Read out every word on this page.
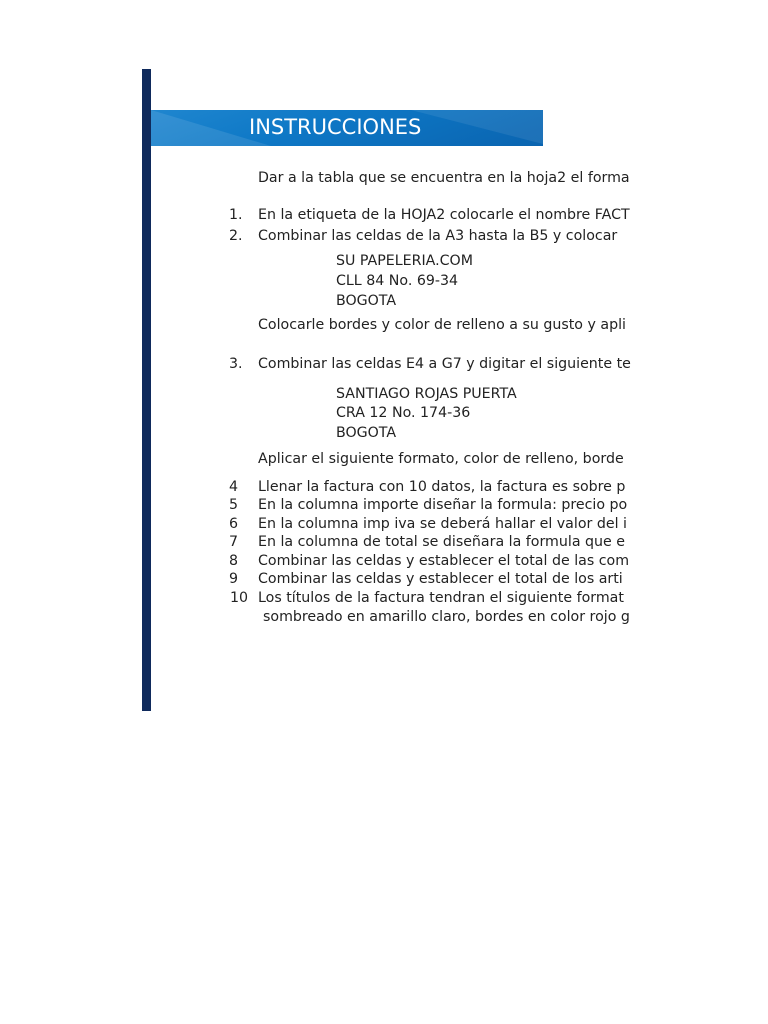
INSTRUCCIONES
Dar a la tabla que se encuentra en la hoja2 el forma
1. En la etiqueta de la HOJA2 colocarle el nombre FACT
2. Combinar las celdas de la A3 hasta la B5 y colocar
SU PAPELERIA.COM
CLL 84 No. 69-34
BOGOTA
Colocarle bordes y color de relleno a su gusto y apli
3. Combinar las celdas E4 a G7 y digitar el siguiente te
SANTIAGO ROJAS PUERTA
CRA 12 No. 174-36
BOGOTA
Aplicar el siguiente formato, color de relleno, borde
4 Llenar la factura con 10 datos, la factura es sobre p
5 En la columna importe diseñar la formula: precio po
6 En la columna imp iva se deberá hallar el valor del i
7 En la columna de total se diseñara la formula que e
8 Combinar las celdas y establecer el total de las com
9 Combinar las celdas y establecer el total de los arti
10 Los títulos de la factura tendran el siguiente format
sombreado en amarillo claro, bordes en color rojo g
